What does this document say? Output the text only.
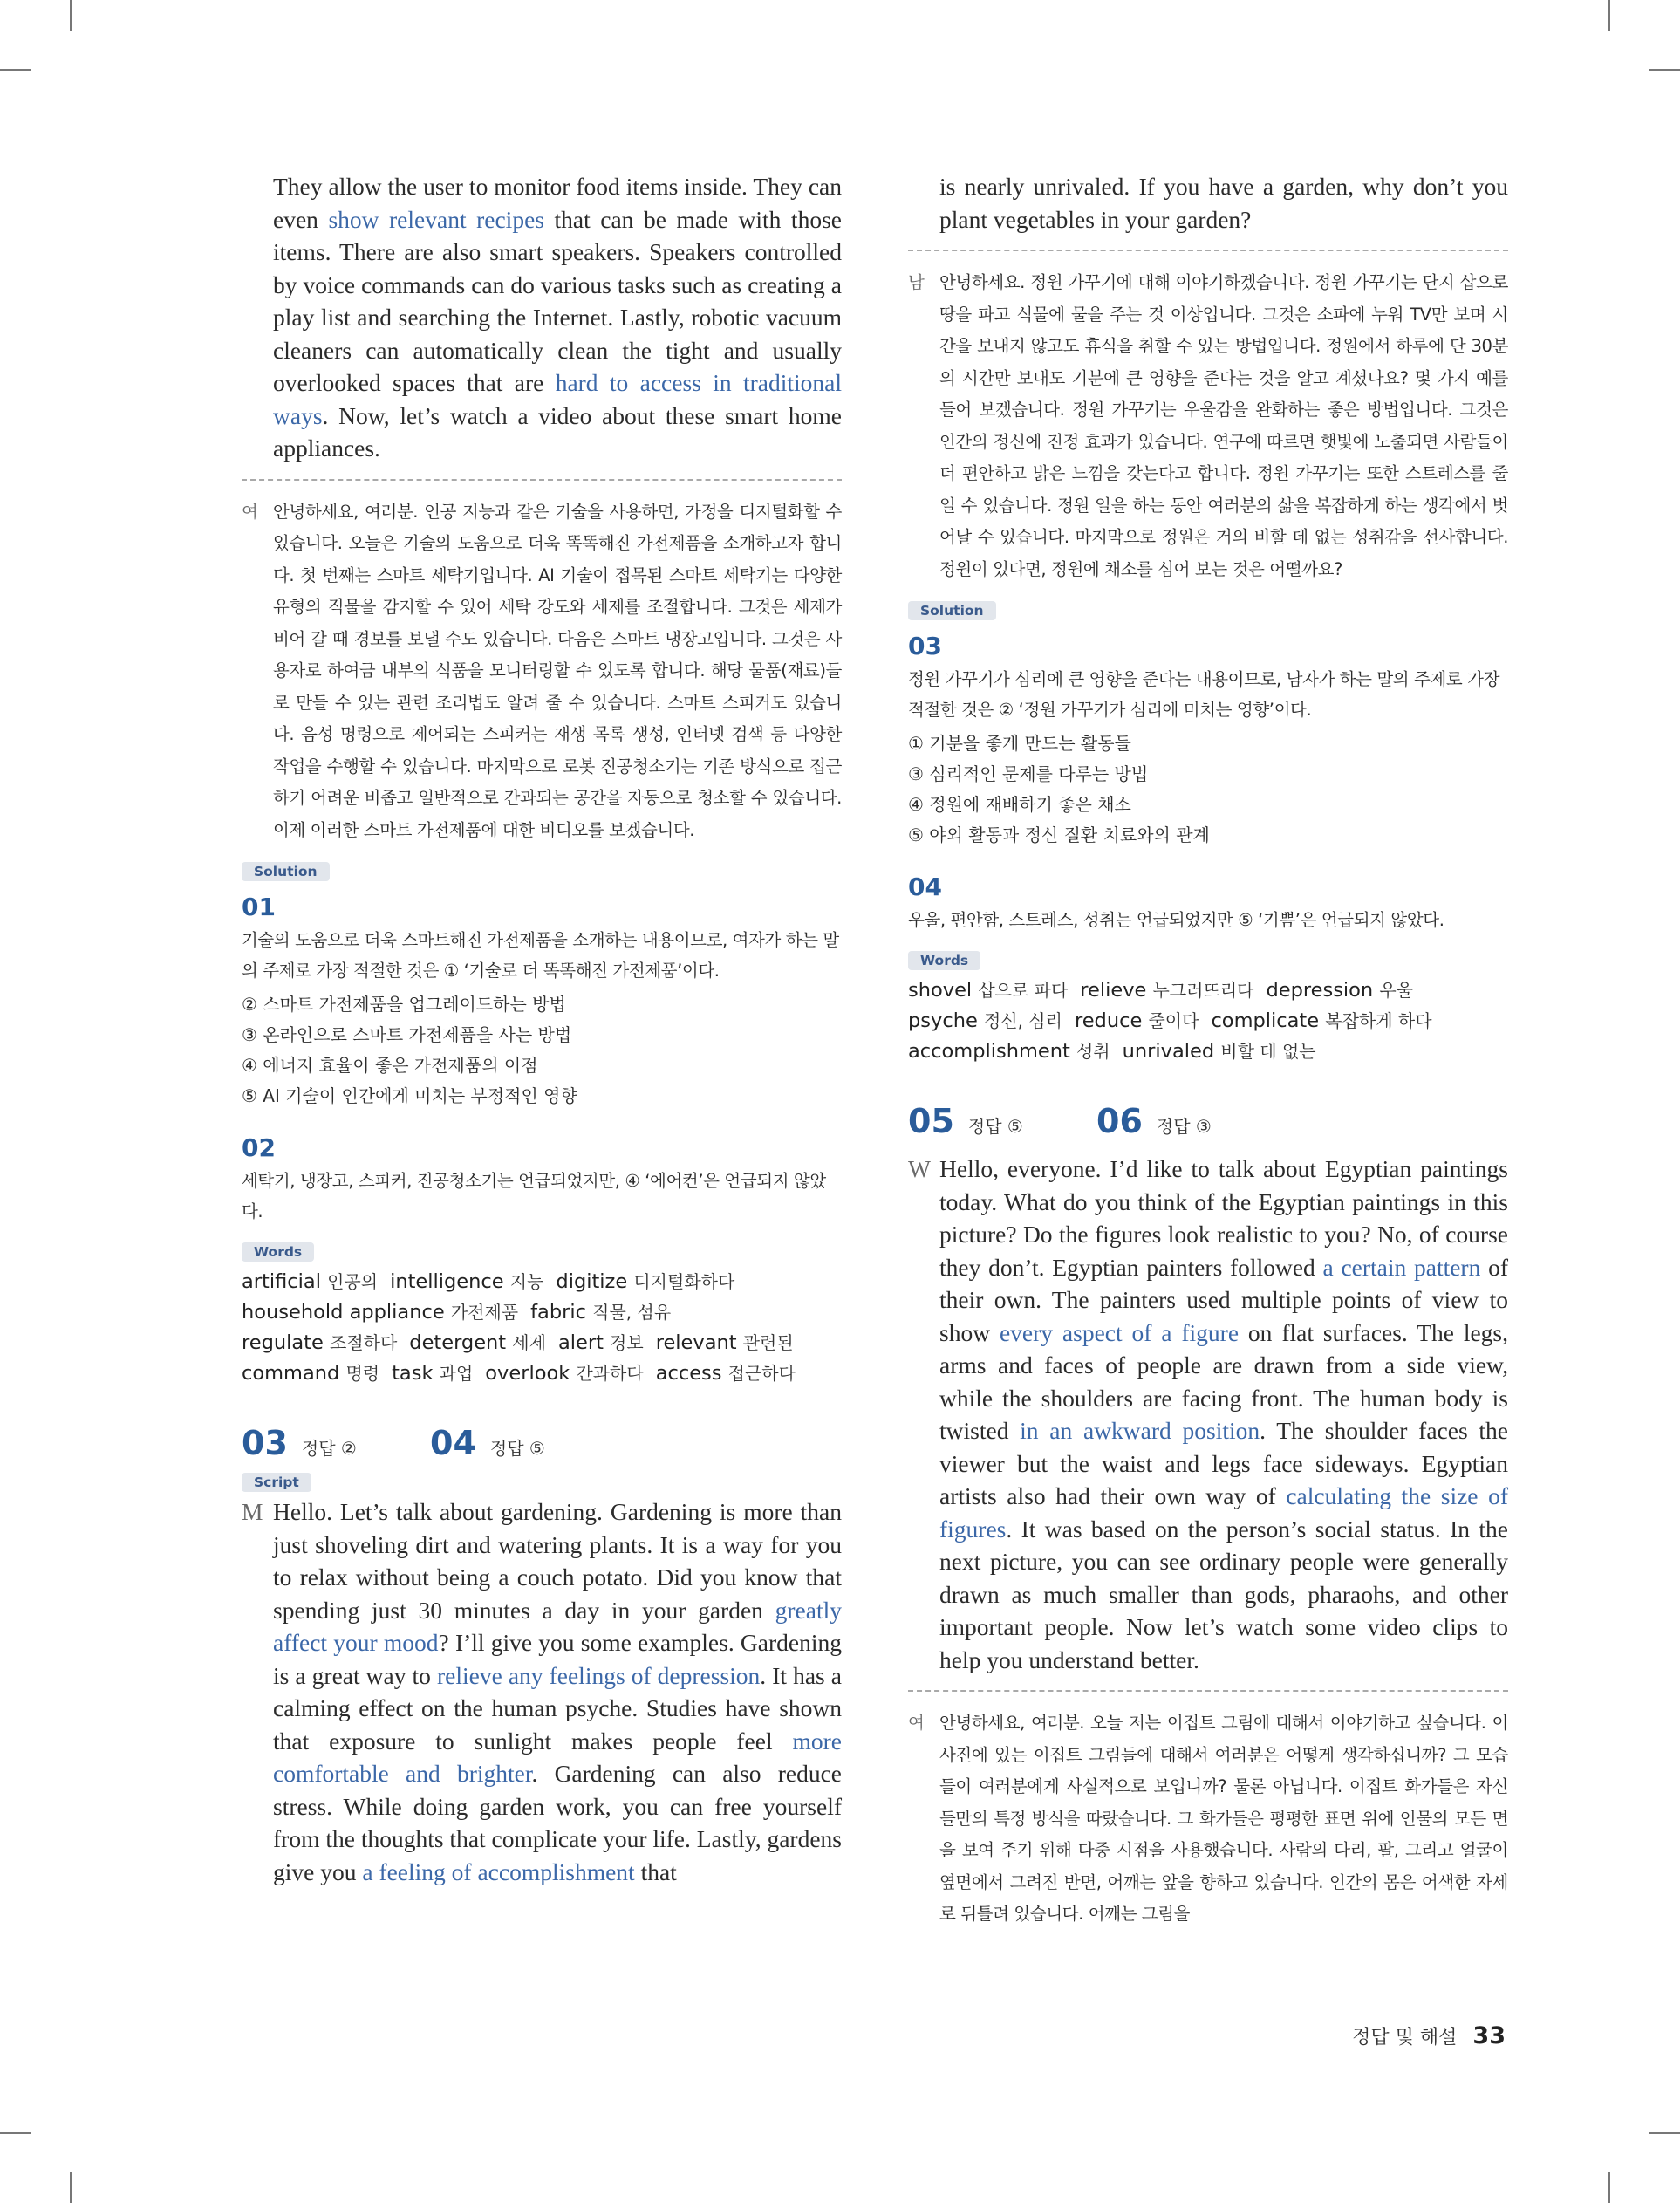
They allow the user to monitor food items inside. They can even show relevant recipes that can be made with those items. There are also smart speakers. Speakers controlled by voice commands can do various tasks such as creating a play list and searching the Internet. Lastly, robotic vacuum cleaners can automatically clean the tight and usually overlooked spaces that are hard to access in traditional ways. Now, let’s watch a video about these smart home appliances.
여 안녕하세요, 여러분. 인공 지능과 같은 기술을 사용하면, 가정을 디지털화할 수 있습니다. 오늘은 기술의 도움으로 더욱 똑똑해진 가전제품을 소개하고자 합니다. 첫 번째는 스마트 세탁기입니다. AI 기술이 접목된 스마트 세탁기는 다양한 유형의 직물을 감지할 수 있어 세탁 강도와 세제를 조절합니다. 그것은 세제가 비어 갈 때 경보를 보낼 수도 있습니다. 다음은 스마트 냉장고입니다. 그것은 사용자로 하여금 내부의 식품을 모니터링할 수 있도록 합니다. 해당 물품(재료)들로 만들 수 있는 관련 조리법도 알려 줄 수 있습니다. 스마트 스피커도 있습니다. 음성 명령으로 제어되는 스피커는 재생 목록 생성, 인터넷 검색 등 다양한 작업을 수행할 수 있습니다. 마지막으로 로봇 진공청소기는 기존 방식으로 접근하기 어려운 비좁고 일반적으로 간과되는 공간을 자동으로 청소할 수 있습니다. 이제 이러한 스마트 가전제품에 대한 비디오를 보겠습니다.
Solution
01
기술의 도움으로 더욱 스마트해진 가전제품을 소개하는 내용이므로, 여자가 하는 말의 주제로 가장 적절한 것은 ① ‘기술로 더 똑똑해진 가전제품’이다.
② 스마트 가전제품을 업그레이드하는 방법
③ 온라인으로 스마트 가전제품을 사는 방법
④ 에너지 효율이 좋은 가전제품의 이점
⑤ AI 기술이 인간에게 미치는 부정적인 영향
02
세탁기, 냉장고, 스피커, 진공청소기는 언급되었지만, ④ ‘에어컨’은 언급되지 않았다.
Words
artificial 인공의 intelligence 지능 digitize 디지털화하다
household appliance 가전제품 fabric 직물, 섬유
regulate 조절하다 detergent 세제 alert 경보 relevant 관련된
command 명령 task 과업 overlook 간과하다 access 접근하다
03 정답 ② 04 정답 ⑤
Script
M Hello. Let’s talk about gardening. Gardening is more than just shoveling dirt and watering plants. It is a way for you to relax without being a couch potato. Did you know that spending just 30 minutes a day in your garden greatly affect your mood? I’ll give you some examples. Gardening is a great way to relieve any feelings of depression. It has a calming effect on the human psyche. Studies have shown that exposure to sunlight makes people feel more comfortable and brighter. Gardening can also reduce stress. While doing garden work, you can free yourself from the thoughts that complicate your life. Lastly, gardens give you a feeling of accomplishment that
is nearly unrivaled. If you have a garden, why don’t you plant vegetables in your garden?
남 안녕하세요. 정원 가꾸기에 대해 이야기하겠습니다. 정원 가꾸기는 단지 삽으로 땅을 파고 식물에 물을 주는 것 이상입니다. 그것은 소파에 누워 TV만 보며 시간을 보내지 않고도 휴식을 취할 수 있는 방법입니다. 정원에서 하루에 단 30분의 시간만 보내도 기분에 큰 영향을 준다는 것을 알고 계셨나요? 몇 가지 예를 들어 보겠습니다. 정원 가꾸기는 우울감을 완화하는 좋은 방법입니다. 그것은 인간의 정신에 진정 효과가 있습니다. 연구에 따르면 햇빛에 노출되면 사람들이 더 편안하고 밝은 느낌을 갖는다고 합니다. 정원 가꾸기는 또한 스트레스를 줄일 수 있습니다. 정원 일을 하는 동안 여러분의 삶을 복잡하게 하는 생각에서 벗어날 수 있습니다. 마지막으로 정원은 거의 비할 데 없는 성취감을 선사합니다. 정원이 있다면, 정원에 채소를 심어 보는 것은 어떨까요?
Solution
03
정원 가꾸기가 심리에 큰 영향을 준다는 내용이므로, 남자가 하는 말의 주제로 가장 적절한 것은 ② ‘정원 가꾸기가 심리에 미치는 영향’이다.
① 기분을 좋게 만드는 활동들
③ 심리적인 문제를 다루는 방법
④ 정원에 재배하기 좋은 채소
⑤ 야외 활동과 정신 질환 치료와의 관계
04
우울, 편안함, 스트레스, 성취는 언급되었지만 ⑤ ‘기쁨’은 언급되지 않았다.
Words
shovel 삽으로 파다 relieve 누그러뜨리다 depression 우울
psyche 정신, 심리 reduce 줄이다 complicate 복잡하게 하다
accomplishment 성취 unrivaled 비할 데 없는
05 정답 ⑤ 06 정답 ③
W Hello, everyone. I’d like to talk about Egyptian paintings today. What do you think of the Egyptian paintings in this picture? Do the figures look realistic to you? No, of course they don’t. Egyptian painters followed a certain pattern of their own. The painters used multiple points of view to show every aspect of a figure on flat surfaces. The legs, arms and faces of people are drawn from a side view, while the shoulders are facing front. The human body is twisted in an awkward position. The shoulder faces the viewer but the waist and legs face sideways. Egyptian artists also had their own way of calculating the size of figures. It was based on the person’s social status. In the next picture, you can see ordinary people were generally drawn as much smaller than gods, pharaohs, and other important people. Now let’s watch some video clips to help you understand better.
여 안녕하세요, 여러분. 오늘 저는 이집트 그림에 대해서 이야기하고 싶습니다. 이 사진에 있는 이집트 그림들에 대해서 여러분은 어떻게 생각하십니까? 그 모습들이 여러분에게 사실적으로 보입니까? 물론 아닙니다. 이집트 화가들은 자신들만의 특정 방식을 따랐습니다. 그 화가들은 평평한 표면 위에 인물의 모든 면을 보여 주기 위해 다중 시점을 사용했습니다. 사람의 다리, 팔, 그리고 얼굴이 옆면에서 그려진 반면, 어깨는 앞을 향하고 있습니다. 인간의 몸은 어색한 자세로 뒤틀려 있습니다. 어깨는 그림을
정답 및 해설 33
